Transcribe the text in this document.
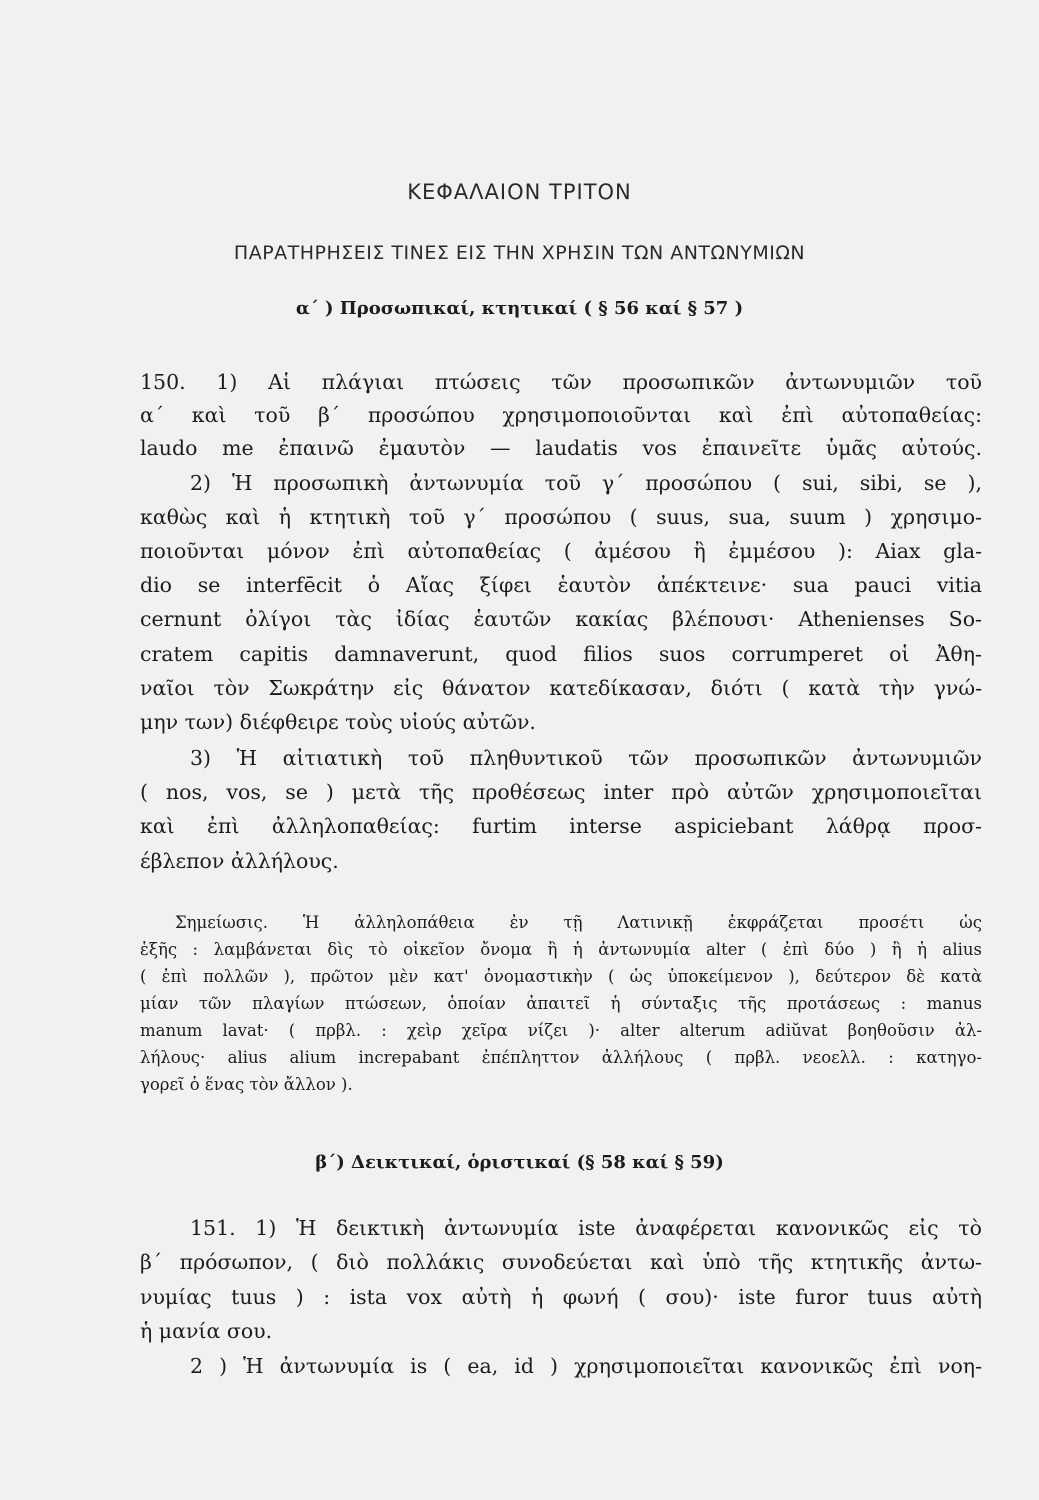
ΚΕΦΑΛΑΙΟΝ ΤΡΙΤΟΝ
ΠΑΡΑΤΗΡΗΣΕΙΣ ΤΙΝΕΣ ΕΙΣ ΤΗΝ ΧΡΗΣΙΝ ΤΩΝ ΑΝΤΩΝΥΜΙΩΝ
α΄ ) Προσωπικαί, κτητικαί ( § 56 καί § 57 )
150. 1) Αἱ πλάγιαι πτώσεις τῶν προσωπικῶν ἀντωνυμιῶν τοῦ
α΄ καὶ τοῦ β΄ προσώπου χρησιμοποιοῦνται καὶ ἐπὶ αὐτοπαθείας:
laudo me ἐπαινῶ ἐμαυτὸν — laudatis vos ἐπαινεῖτε ὑμᾶς αὐτούς.
2) Ἡ προσωπικὴ ἀντωνυμία τοῦ γ΄ προσώπου ( sui, sibi, se ),
καθὼς καὶ ἡ κτητικὴ τοῦ γ΄ προσώπου ( suus, sua, suum ) χρησιμο-
ποιοῦνται μόνον ἐπὶ αὐτοπαθείας ( ἀμέσου ἢ ἐμμέσου ): Aiax gla-
dio se interfēcit ὁ Αἴας ξίφει ἑαυτὸν ἀπέκτεινε· sua pauci vitia
cernunt ὀλίγοι τὰς ἰδίας ἑαυτῶν κακίας βλέπουσι· Athenienses So-
cratem capitis damnaverunt, quod filios suos corrumperet οἱ Ἀθη-
ναῖοι τὸν Σωκράτην εἰς θάνατον κατεδίκασαν, διότι ( κατὰ τὴν γνώ-
μην των) διέφθειρε τοὺς υἱούς αὐτῶν.
3) Ἡ αἰτιατικὴ τοῦ πληθυντικοῦ τῶν προσωπικῶν ἀντωνυμιῶν
( nos, vos, se ) μετὰ τῆς προθέσεως inter πρὸ αὐτῶν χρησιμοποιεῖται
καὶ ἐπὶ ἀλληλοπαθείας: furtim interse aspiciebant λάθρᾳ προσ-
έβλεπον ἀλλήλους.
Σημείωσις. Ἡ ἀλληλοπάθεια ἐν τῇ Λατινικῇ ἐκφράζεται προσέτι ὡς
ἑξῆς : λαμβάνεται δὶς τὸ οἰκεῖον ὄνομα ἢ ἡ ἀντωνυμία alter ( ἐπὶ δύο ) ἢ ἡ alius
( ἐπὶ πολλῶν ), πρῶτον μὲν κατ' ὀνομαστικὴν ( ὡς ὑποκείμενον ), δεύτερον δὲ κατὰ
μίαν τῶν πλαγίων πτώσεων, ὁποίαν ἀπαιτεῖ ἡ σύνταξις τῆς προτάσεως : manus
manum lavat· ( πρβλ. : χεὶρ χεῖρα νίζει )· alter alterum adiŭvat βοηθοῦσιν ἀλ-
λήλους· alius alium increpabant ἐπέπληττον ἀλλήλους ( πρβλ. νεοελλ. : κατηγο-
γορεῖ ὁ ἕνας τὸν ἄλλον ).
β΄) Δεικτικαί, ὁριστικαί (§ 58 καί § 59)
151. 1) Ἡ δεικτικὴ ἀντωνυμία iste ἀναφέρεται κανονικῶς εἰς τὸ
β΄ πρόσωπον, ( διὸ πολλάκις συνοδεύεται καὶ ὑπὸ τῆς κτητικῆς ἀντω-
νυμίας tuus ) : ista vox αὐτὴ ἡ φωνή ( σου)· iste furor tuus αὐτὴ
ἡ μανία σου.
2 ) Ἡ ἀντωνυμία is ( ea, id ) χρησιμοποιεῖται κανονικῶς ἐπὶ νοη-
